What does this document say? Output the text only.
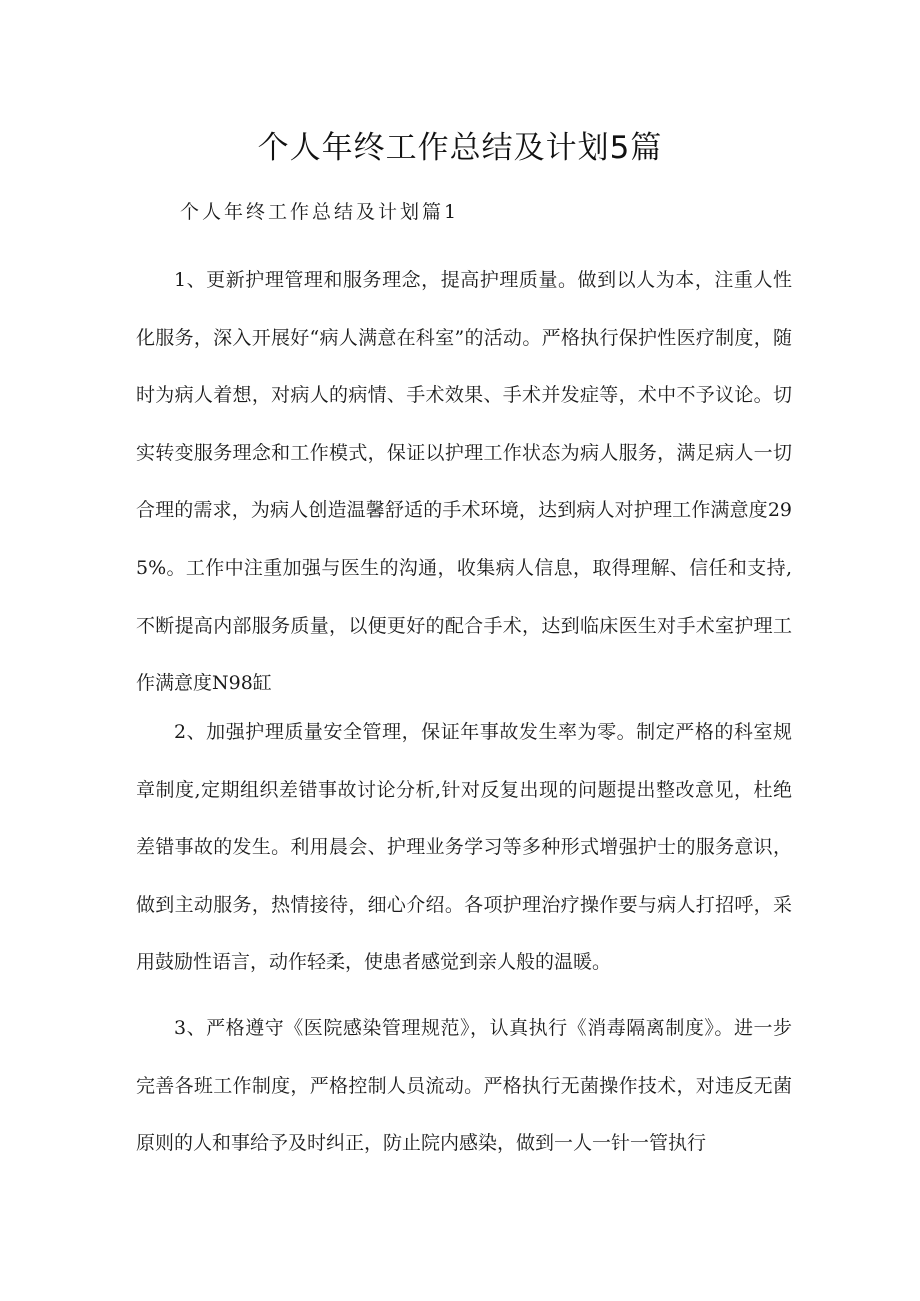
个人年终工作总结及计划5篇
个人年终工作总结及计划篇1

1、更新护理管理和服务理念，提高护理质量。做到以人为本，注重人性化服务，深入开展好“病人满意在科室”的活动。严格执行保护性医疗制度，随时为病人着想，对病人的病情、手术效果、手术并发症等，术中不予议论。切实转变服务理念和工作模式，保证以护理工作状态为病人服务，满足病人一切合理的需求，为病人创造温馨舒适的手术环境，达到病人对护理工作满意度295%。工作中注重加强与医生的沟通，收集病人信息，取得理解、信任和支持,不断提高内部服务质量，以便更好的配合手术，达到临床医生对手术室护理工作满意度N98缸

2、加强护理质量安全管理，保证年事故发生率为零。制定严格的科室规章制度,定期组织差错事故讨论分析,针对反复出现的问题提出整改意见，杜绝差错事故的发生。利用晨会、护理业务学习等多种形式增强护士的服务意识，做到主动服务，热情接待，细心介绍。各项护理治疗操作要与病人打招呼，采用鼓励性语言，动作轻柔，使患者感觉到亲人般的温暖。

3、严格遵守《医院感染管理规范》，认真执行《消毒隔离制度》。进一步完善各班工作制度，严格控制人员流动。严格执行无菌操作技术，对违反无菌原则的人和事给予及时纠正，防止院内感染，做到一人一针一管执行
